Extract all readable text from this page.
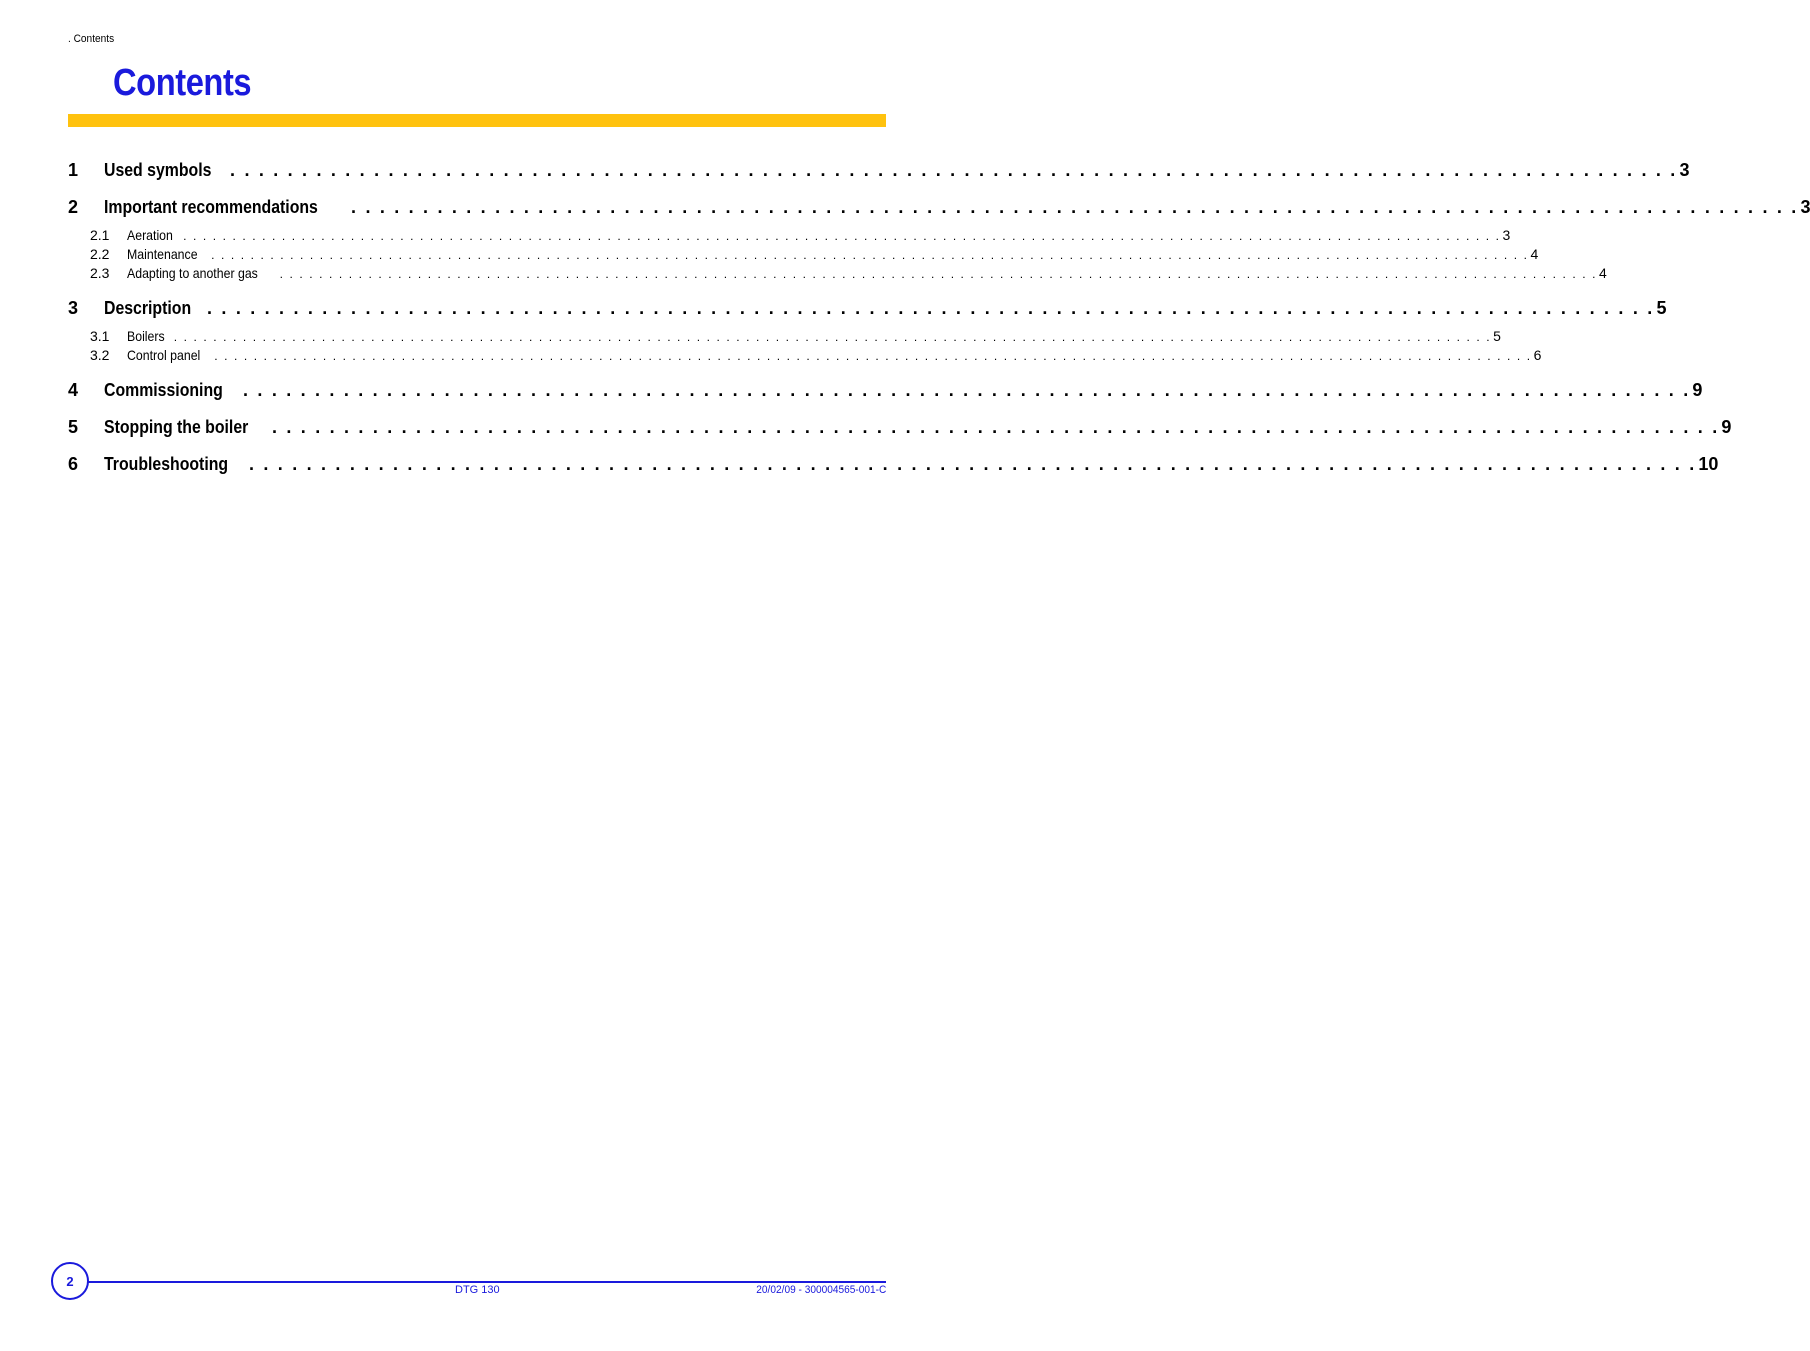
. Contents
Contents
1	Used symbols . . . . . . . . . . . . . . . . . . . . . . . . . . . . . . . . . . . . . . . . . . . . . . . . . . . . . . . . . . . . . . . . . . . . . . . . . . . . . . . . . . . . . . . . . . . . . . . . . . . . . 3
2	Important recommendations . . . . . . . . . . . . . . . . . . . . . . . . . . . . . . . . . . . . . . . . . . . . . . . . . . . . . . . . . . . . . . . . . . . . . . . . . . . . . . . . . . . . . . . . . . . . . . . . . . . . . 3
2.1	Aeration . . . . . . . . . . . . . . . . . . . . . . . . . . . . . . . . . . . . . . . . . . . . . . . . . . . . . . . . . . . . . . . . . . . . . . . . . . . . . . . . . . . . . . . . . . . . . . . . . . . . . . . . . . . . . . . . . . . . . . . . . . . . . . . . . . . . . . 3
2.2	Maintenance . . . . . . . . . . . . . . . . . . . . . . . . . . . . . . . . . . . . . . . . . . . . . . . . . . . . . . . . . . . . . . . . . . . . . . . . . . . . . . . . . . . . . . . . . . . . . . . . . . . . . . . . . . . . . . . . . . . . . . . . . . . . . . . . . . . . . . 4
2.3	Adapting to another gas . . . . . . . . . . . . . . . . . . . . . . . . . . . . . . . . . . . . . . . . . . . . . . . . . . . . . . . . . . . . . . . . . . . . . . . . . . . . . . . . . . . . . . . . . . . . . . . . . . . . . . . . . . . . . . . . . . . . . . . . . . . . . . . . . . . . . . 4
3	Description . . . . . . . . . . . . . . . . . . . . . . . . . . . . . . . . . . . . . . . . . . . . . . . . . . . . . . . . . . . . . . . . . . . . . . . . . . . . . . . . . . . . . . . . . . . . . . . . . . . . . 5
3.1	Boilers . . . . . . . . . . . . . . . . . . . . . . . . . . . . . . . . . . . . . . . . . . . . . . . . . . . . . . . . . . . . . . . . . . . . . . . . . . . . . . . . . . . . . . . . . . . . . . . . . . . . . . . . . . . . . . . . . . . . . . . . . . . . . . . . . . . . . . 5
3.2	Control panel . . . . . . . . . . . . . . . . . . . . . . . . . . . . . . . . . . . . . . . . . . . . . . . . . . . . . . . . . . . . . . . . . . . . . . . . . . . . . . . . . . . . . . . . . . . . . . . . . . . . . . . . . . . . . . . . . . . . . . . . . . . . . . . . . . . . . . 6
4	Commissioning . . . . . . . . . . . . . . . . . . . . . . . . . . . . . . . . . . . . . . . . . . . . . . . . . . . . . . . . . . . . . . . . . . . . . . . . . . . . . . . . . . . . . . . . . . . . . . . . . . . . . 9
5	Stopping the boiler . . . . . . . . . . . . . . . . . . . . . . . . . . . . . . . . . . . . . . . . . . . . . . . . . . . . . . . . . . . . . . . . . . . . . . . . . . . . . . . . . . . . . . . . . . . . . . . . . . . . . 9
6	Troubleshooting . . . . . . . . . . . . . . . . . . . . . . . . . . . . . . . . . . . . . . . . . . . . . . . . . . . . . . . . . . . . . . . . . . . . . . . . . . . . . . . . . . . . . . . . . . . . . . . . . . . . . 10
2
DTG 130	20/02/09 - 300004565-001-C
